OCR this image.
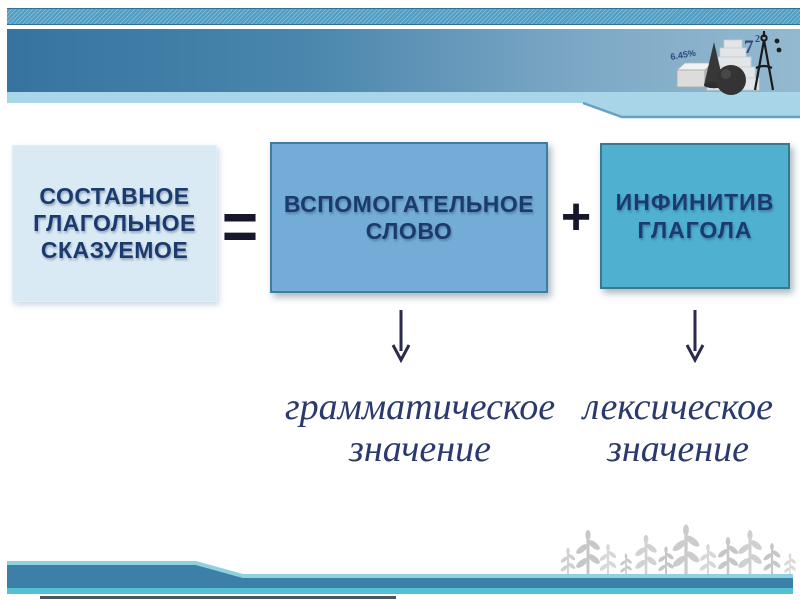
6.45%	7 2
СОСТАВНОЕ
ГЛАГОЛЬНОЕ
СКАЗУЕМОЕ = ВСПОМОГАТЕЛЬНОЕ
СЛОВО + ИНФИНИТИВ
ГЛАГОЛА
грамматическое
значение
лексическое
значение
